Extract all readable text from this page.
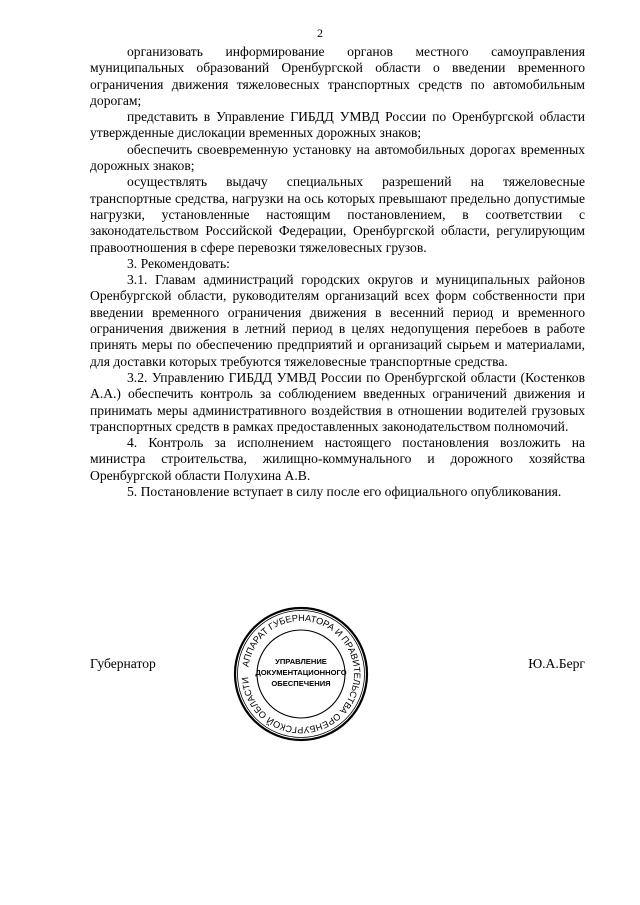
2

организовать информирование органов местного самоуправления муниципальных образований Оренбургской области о введении временного ограничения движения тяжеловесных транспортных средств по автомобильным дорогам;

представить в Управление ГИБДД УМВД России по Оренбургской области утвержденные дислокации временных дорожных знаков;

обеспечить своевременную установку на автомобильных дорогах временных дорожных знаков;

осуществлять выдачу специальных разрешений на тяжеловесные транспортные средства, нагрузки на ось которых превышают предельно допустимые нагрузки, установленные настоящим постановлением, в соответствии с законодательством Российской Федерации, Оренбургской области, регулирующим правоотношения в сфере перевозки тяжеловесных грузов.

3. Рекомендовать:

3.1. Главам администраций городских округов и муниципальных районов Оренбургской области, руководителям организаций всех форм собственности при введении временного ограничения движения в весенний период и временного ограничения движения в летний период в целях недопущения перебоев в работе принять меры по обеспечению предприятий и организаций сырьем и материалами, для доставки которых требуются тяжеловесные транспортные средства.

3.2. Управлению ГИБДД УМВД России по Оренбургской области (Костенков А.А.) обеспечить контроль за соблюдением введенных ограничений движения и принимать меры административного воздействия в отношении водителей грузовых транспортных средств в рамках предоставленных законодательством полномочий.

4. Контроль за исполнением настоящего постановления возложить на министра строительства, жилищно-коммунального и дорожного хозяйства Оренбургской области Полухина А.В.

5. Постановление вступает в силу после его официального опубликования.

Губернатор	Ю.А.Берг
АППАРАТ ГУБЕРНАТОРА И ПРАВИТЕЛЬСТВА ОРЕНБУРГСКОЙ ОБЛАСТИ
УПРАВЛЕНИЕ
ДОКУМЕНТАЦИОННОГО
ОБЕСПЕЧЕНИЯ
